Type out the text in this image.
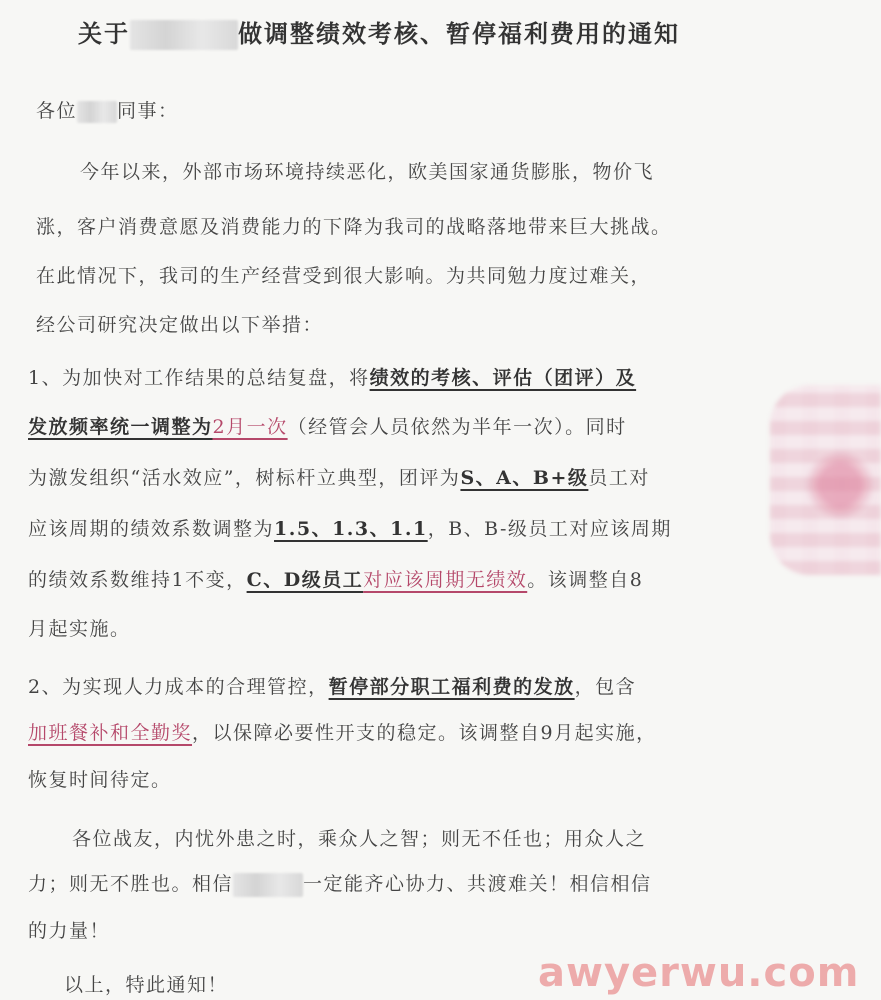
关于	做调整绩效考核、暂停福利费用的通知
各位 同事：
今年以来，外部市场环境持续恶化，欧美国家通货膨胀，物价飞
涨，客户消费意愿及消费能力的下降为我司的战略落地带来巨大挑战。
在此情况下，我司的生产经营受到很大影响。为共同勉力度过难关，
经公司研究决定做出以下举措：
1、为加快对工作结果的总结复盘，将绩效的考核、评估（团评）及
发放频率统一调整为2月一次（经管会人员依然为半年一次）。同时
为激发组织“活水效应”，树标杆立典型，团评为S、A、B+级员工对
应该周期的绩效系数调整为1.5、1.3、1.1，B、B-级员工对应该周期
的绩效系数维持1不变，C、D级员工对应该周期无绩效。该调整自8
月起实施。
2、为实现人力成本的合理管控，暂停部分职工福利费的发放，包含
加班餐补和全勤奖，以保障必要性开支的稳定。该调整自9月起实施，
恢复时间待定。
各位战友，内忧外患之时，乘众人之智；则无不任也；用众人之
力；则无不胜也。相信	一定能齐心协力、共渡难关！相信相信
的力量！
以上，特此通知！	awyerwu.com
